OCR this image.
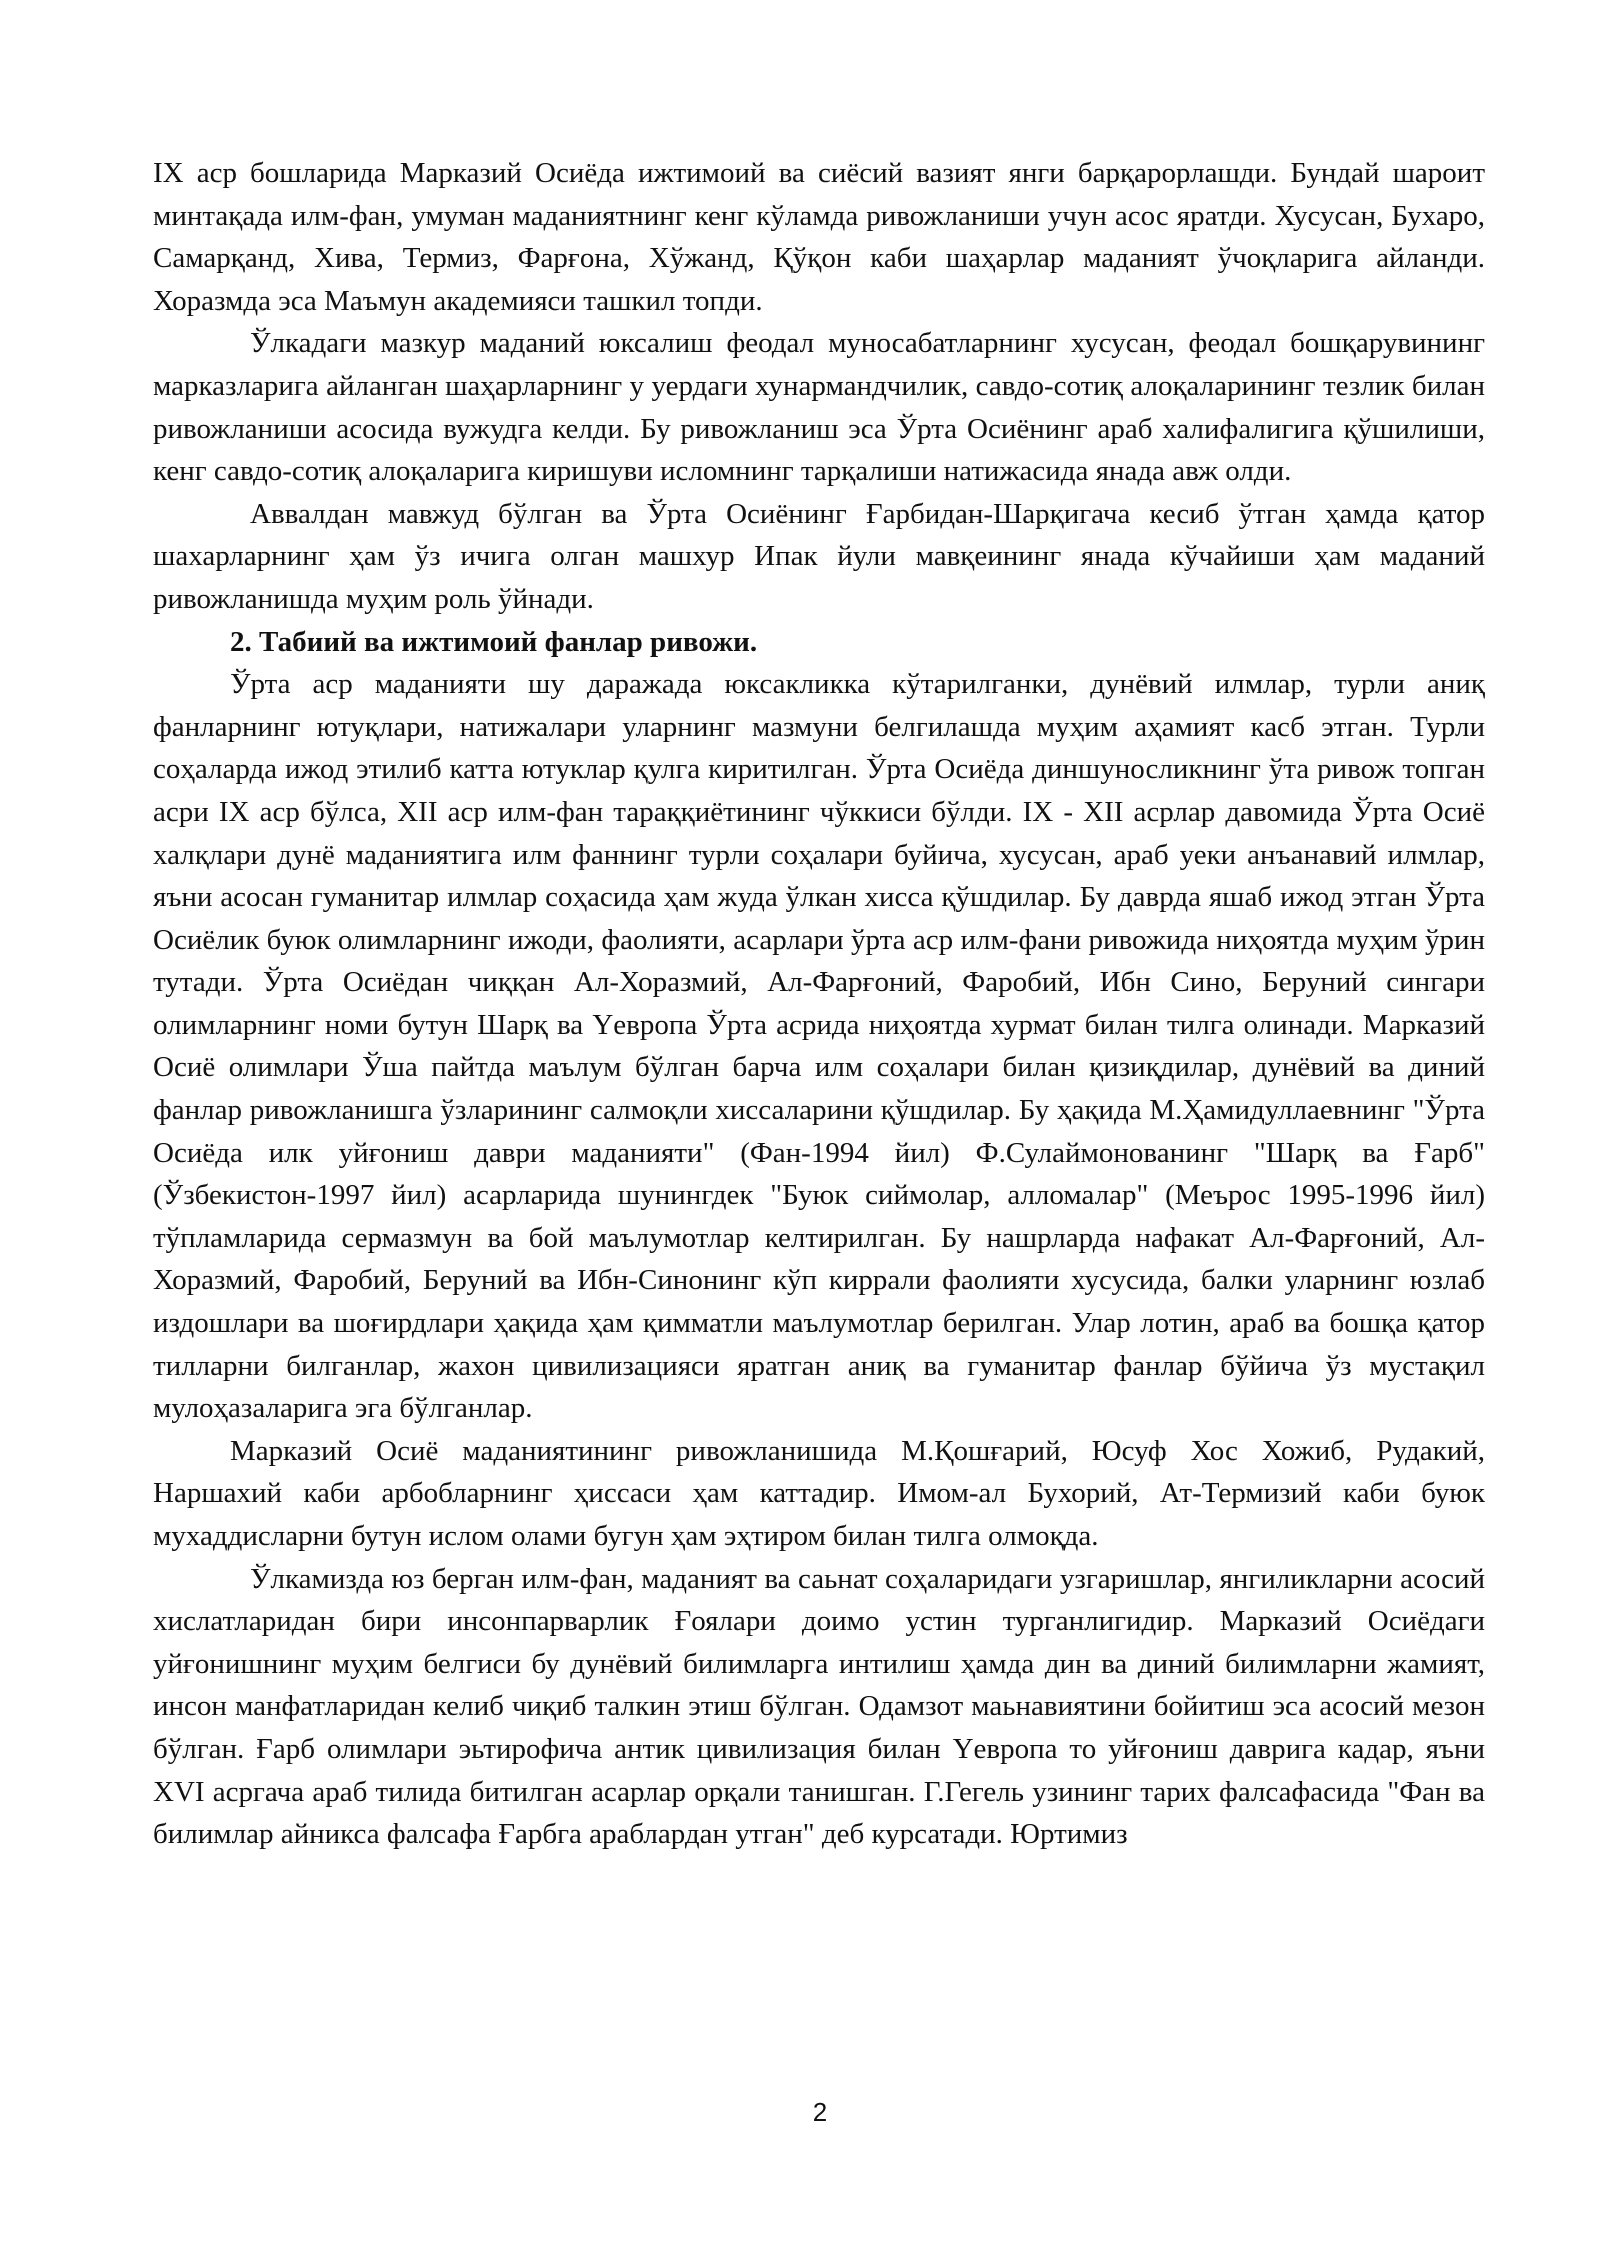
IX аср бошларида Марказий Осиёда ижтимоий ва сиёсий вазият янги барқарорлашди. Бундай шароит минтақада илм-фан, умуман маданиятнинг кенг кўламда ривожланиши учун асос яратди. Хусусан, Бухаро, Самарқанд, Хива, Термиз, Фарғона, Хўжанд, Қўқон каби шаҳарлар маданият ўчоқларига айланди. Хоразмда эса Маъмун академияси ташкил топди.

Ўлкадаги мазкур маданий юксалиш феодал муносабатларнинг хусусан, феодал бошқарувининг марказларига айланган шаҳарларнинг у уердаги хунармандчилик, савдо-сотиқ алоқаларининг тезлик билан ривожланиши асосида вужудга келди. Бу ривожланиш эса Ўрта Осиёнинг араб халифалигига қўшилиши, кенг савдо-сотиқ алоқаларига киришуви исломнинг тарқалиши натижасида янада авж олди.

Аввалдан мавжуд бўлган ва Ўрта Осиёнинг Ғарбидан-Шарқигача кесиб ўтган ҳамда қатор шахарларнинг ҳам ўз ичига олган машхур Ипак йули мавқеининг янада кўчайиши ҳам маданий ривожланишда муҳим роль ўйнади.

2. Табиий ва ижтимоий фанлар ривожи.

Ўрта аср маданияти шу даражада юксакликка кўтарилганки, дунёвий илмлар, турли аниқ фанларнинг ютуқлари, натижалари уларнинг мазмуни белгилашда муҳим аҳамият касб этган. Турли соҳаларда ижод этилиб катта ютуклар қулга киритилган. Ўрта Осиёда диншуносликнинг ўта ривож топган асри IX аср бўлса, XII аср илм-фан тараққиётининг чўккиси бўлди. IX - XII асрлар давомида Ўрта Осиё халқлари дунё маданиятига илм фаннинг турли соҳалари буйича, хусусан, араб уеки анъанавий илмлар, яъни асосан гуманитар илмлар соҳасида ҳам жуда ўлкан хисса қўшдилар. Бу даврда яшаб ижод этган Ўрта Осиёлик буюк олимларнинг ижоди, фаолияти, асарлари ўрта аср илм-фани ривожида ниҳоятда муҳим ўрин тутади. Ўрта Осиёдан чиққан Ал-Хоразмий, Ал-Фарғоний, Фаробий, Ибн Сино, Беруний сингари олимларнинг номи бутун Шарқ ва Үевропа Ўрта асрида ниҳоятда хурмат билан тилга олинади. Марказий Осиё олимлари Ўша пайтда маълум бўлган барча илм соҳалари билан қизиқдилар, дунёвий ва диний фанлар ривожланишга ўзларининг салмоқли хиссаларини қўшдилар. Бу ҳақида М.Ҳамидуллаевнинг "Ўрта Осиёда илк уйғониш даври маданияти" (Фан-1994 йил) Ф.Сулаймонованинг "Шарқ ва Ғарб" (Ўзбекистон-1997 йил) асарларида шунингдек "Буюк сиймолар, алломалар" (Меърос 1995-1996 йил) тўпламларида сермазмун ва бой маълумотлар келтирилган. Бу нашрларда нафакат Ал-Фарғоний, Ал-Хоразмий, Фаробий, Беруний ва Ибн-Синонинг кўп киррали фаолияти хусусида, балки уларнинг юзлаб издошлари ва шоғирдлари ҳақида ҳам қимматли маълумотлар берилган. Улар лотин, араб ва бошқа қатор тилларни билганлар, жахон цивилизацияси яратган аниқ ва гуманитар фанлар бўйича ўз мустақил мулоҳазаларига эга бўлганлар.

Марказий Осиё маданиятининг ривожланишида М.Қошғарий, Юсуф Хос Хожиб, Рудакий, Наршахий каби арбобларнинг ҳиссаси ҳам каттадир. Имом-ал Бухорий, Ат-Термизий каби буюк мухаддисларни бутун ислом олами бугун ҳам эҳтиром билан тилга олмоқда.

Ўлкамизда юз берган илм-фан, маданият ва саьнат соҳаларидаги узгаришлар, янгиликларни асосий хислатларидан бири инсонпарварлик Ғоялари доимо устин турганлигидир. Марказий Осиёдаги уйғонишнинг муҳим белгиси бу дунёвий билимларга интилиш ҳамда дин ва диний билимларни жамият, инсон манфатларидан келиб чиқиб талкин этиш бўлган. Одамзот маьнавиятини бойитиш эса асосий мезон бўлган. Ғарб олимлари эьтирофича антик цивилизация билан Үевропа то уйғониш даврига кадар, яъни XVI асргача араб тилида битилган асарлар орқали танишган. Г.Гегель узининг тарих фалсафасида "Фан ва билимлар айникса фалсафа Ғарбга араблардан утган" деб курсатади. Юртимиз

2
